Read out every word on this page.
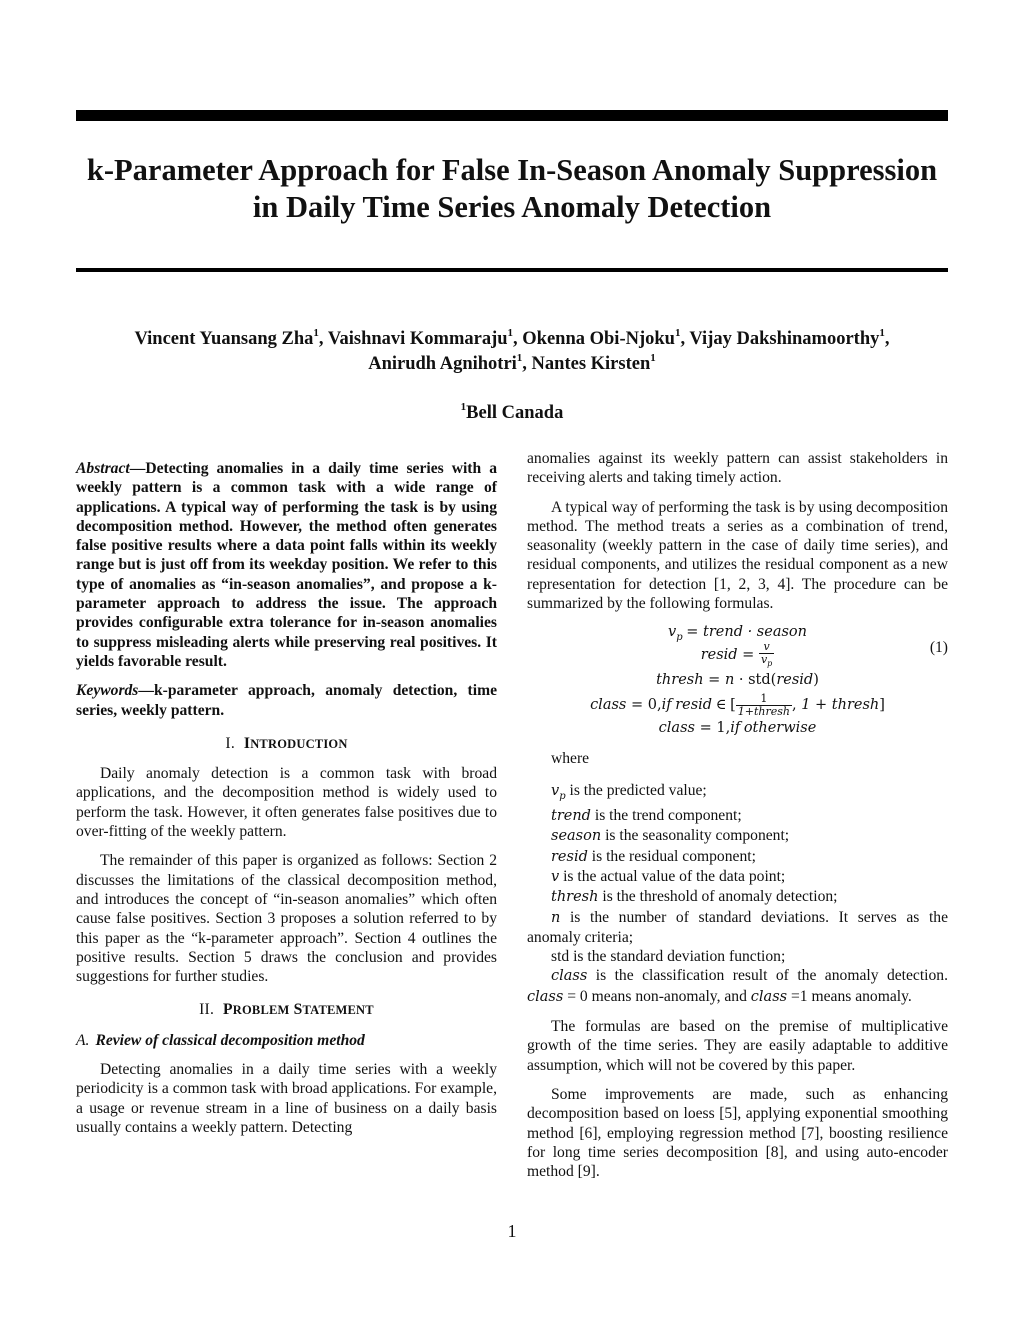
k-Parameter Approach for False In-Season Anomaly Suppression
in Daily Time Series Anomaly Detection
Vincent Yuansang Zha$^1$, Vaishnavi Kommaraju$^1$, Okenna Obi-Njoku$^1$, Vijay Dakshinamoorthy$^1$,
Anirudh Agnihotri$^1$, Nantes Kirsten$^1$
$^1$Bell Canada

Abstract—Detecting anomalies in a daily time series with a weekly pattern is a common task with a wide range of applications. A typical way of performing the task is by using decomposition method. However, the method often generates false positive results where a data point falls within its weekly range but is just off from its weekday position. We refer to this type of anomalies as “in-season anomalies”, and propose a k-parameter approach to address the issue. The approach provides configurable extra tolerance for in-season anomalies to suppress misleading alerts while preserving real positives. It yields favorable result.

Keywords—k-parameter approach, anomaly detection, time series, weekly pattern.

I. INTRODUCTION

Daily anomaly detection is a common task with broad applications, and the decomposition method is widely used to perform the task. However, it often generates false positives due to over-fitting of the weekly pattern.

The remainder of this paper is organized as follows: Section 2 discusses the limitations of the classical decomposition method, and introduces the concept of “in-season anomalies” which often cause false positives. Section 3 proposes a solution referred to by this paper as the “k-parameter approach”. Section 4 outlines the positive results. Section 5 draws the conclusion and provides suggestions for further studies.

II. PROBLEM STATEMENT
A. Review of classical decomposition method

Detecting anomalies in a daily time series with a weekly periodicity is a common task with broad applications. For example, a usage or revenue stream in a line of business on a daily basis usually contains a weekly pattern. Detecting

anomalies against its weekly pattern can assist stakeholders in receiving alerts and taking timely action.

A typical way of performing the task is by using decomposition method. The method treats a series as a combination of trend, seasonality (weekly pattern in the case of daily time series), and residual components, and utilizes the residual component as a new representation for detection [1, 2, 3, 4]. The procedure can be summarized by the following formulas.

$v_p$ = trend · season
resid = $\frac{v}{v_p}$	(1)
thresh = n · std(resid)
class = 0,if resid ∈ [ $\frac{1}{\text{1+thresh}}$ , 1 + thresh]
class = 1,if otherwise

where

$v_p$ is the predicted value;
trend is the trend component;
season is the seasonality component;
resid is the residual component;
v is the actual value of the data point;
thresh is the threshold of anomaly detection;
n is the number of standard deviations. It serves as the anomaly criteria;
std is the standard deviation function;
class is the classification result of the anomaly detection. class = 0 means non-anomaly, and class =1 means anomaly.

The formulas are based on the premise of multiplicative growth of the time series. They are easily adaptable to additive assumption, which will not be covered by this paper.

Some improvements are made, such as enhancing decomposition based on loess [5], applying exponential smoothing method [6], employing regression method [7], boosting resilience for long time series decomposition [8], and using auto-encoder method [9].

1
